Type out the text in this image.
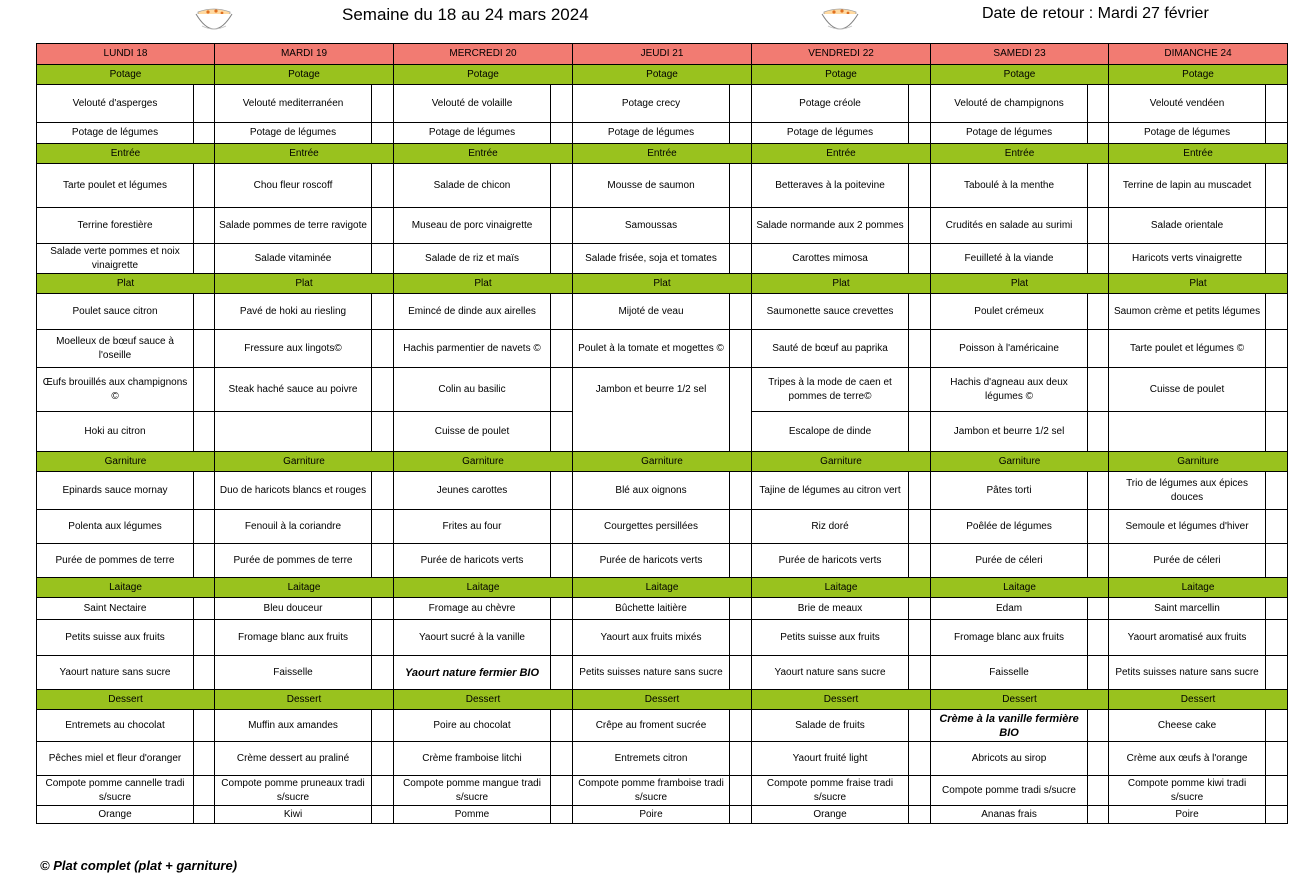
Semaine du 18 au 24 mars 2024	Date de retour : Mardi 27 février
LUNDI 18		MARDI 19		MERCREDI 20		JEUDI 21		VENDREDI 22		SAMEDI 23		DIMANCHE 24	
Potage		Potage		Potage		Potage		Potage		Potage		Potage	
Velouté d'asperges		Velouté mediterranéen		Velouté de volaille		Potage crecy		Potage créole		Velouté de champignons		Velouté vendéen	
Potage de légumes		Potage de légumes		Potage de légumes		Potage de légumes		Potage de légumes		Potage de légumes		Potage de légumes	
Entrée		Entrée		Entrée		Entrée		Entrée		Entrée		Entrée	
Tarte poulet et légumes		Chou fleur roscoff		Salade de chicon		Mousse de saumon		Betteraves à la poitevine		Taboulé à la menthe		Terrine de lapin au muscadet	
Terrine forestière		Salade pommes de terre ravigote		Museau de porc vinaigrette		Samoussas		Salade normande aux 2 pommes		Crudités en salade au surimi		Salade orientale	
Salade verte pommes et noix vinaigrette		Salade vitaminée		Salade de riz et maïs		Salade frisée, soja et tomates		Carottes mimosa		Feuilleté à la viande		Haricots verts vinaigrette	
Plat		Plat		Plat		Plat		Plat		Plat		Plat	
Poulet sauce citron		Pavé de hoki au riesling		Emincé de dinde aux airelles		Mijoté de veau		Saumonette sauce crevettes		Poulet crémeux		Saumon crème et petits légumes	
Moelleux de bœuf sauce à l'oseille		Fressure aux lingots©		Hachis parmentier de navets ©		Poulet à la tomate et mogettes ©		Sauté de bœuf au paprika		Poisson à l'américaine		Tarte poulet et légumes ©	
Œufs brouillés aux champignons ©		Steak haché sauce au poivre		Colin au basilic		Jambon et beurre 1/2 sel		Tripes à la mode de caen et pommes de terre©		Hachis d'agneau aux deux légumes ©		Cuisse de poulet	
Hoki au citron				Cuisse de poulet				Escalope de dinde		Jambon et beurre 1/2 sel			
Garniture		Garniture		Garniture		Garniture		Garniture		Garniture		Garniture	
Epinards sauce mornay		Duo de haricots blancs et rouges		Jeunes carottes		Blé aux oignons		Tajine de légumes au citron vert		Pâtes torti		Trio de légumes aux épices douces	
Polenta aux légumes		Fenouil à la coriandre		Frites au four		Courgettes persillées		Riz doré		Poêlée de légumes		Semoule et légumes d'hiver	
Purée de pommes de terre		Purée de pommes de terre		Purée de haricots verts		Purée de haricots verts		Purée de haricots verts		Purée de céleri		Purée de céleri	
Laitage		Laitage		Laitage		Laitage		Laitage		Laitage		Laitage	
Saint Nectaire		Bleu douceur		Fromage au chèvre		Bûchette laitière		Brie de meaux		Edam		Saint marcellin	
Petits suisse aux fruits		Fromage blanc aux fruits		Yaourt sucré à la vanille		Yaourt aux fruits mixés		Petits suisse aux fruits		Fromage blanc aux fruits		Yaourt aromatisé aux fruits	
Yaourt nature sans sucre		Faisselle		Yaourt nature fermier BIO		Petits suisses nature sans sucre		Yaourt nature sans sucre		Faisselle		Petits suisses nature sans sucre	
Dessert		Dessert		Dessert		Dessert		Dessert		Dessert		Dessert	
Entremets au chocolat		Muffin aux amandes		Poire au chocolat		Crêpe au froment sucrée		Salade de fruits		Crème à la vanille fermière BIO		Cheese cake	
Pêches miel et fleur d'oranger		Crème dessert au praliné		Crème framboise litchi		Entremets citron		Yaourt fruité light		Abricots au sirop		Crème aux œufs à l'orange	
Compote pomme cannelle tradi s/sucre		Compote pomme pruneaux tradi s/sucre		Compote pomme mangue tradi s/sucre		Compote pomme framboise tradi s/sucre		Compote pomme fraise tradi s/sucre		Compote pomme tradi s/sucre		Compote pomme kiwi tradi s/sucre	
Orange		Kiwi		Pomme		Poire		Orange		Ananas frais		Poire	
© Plat complet (plat + garniture)
